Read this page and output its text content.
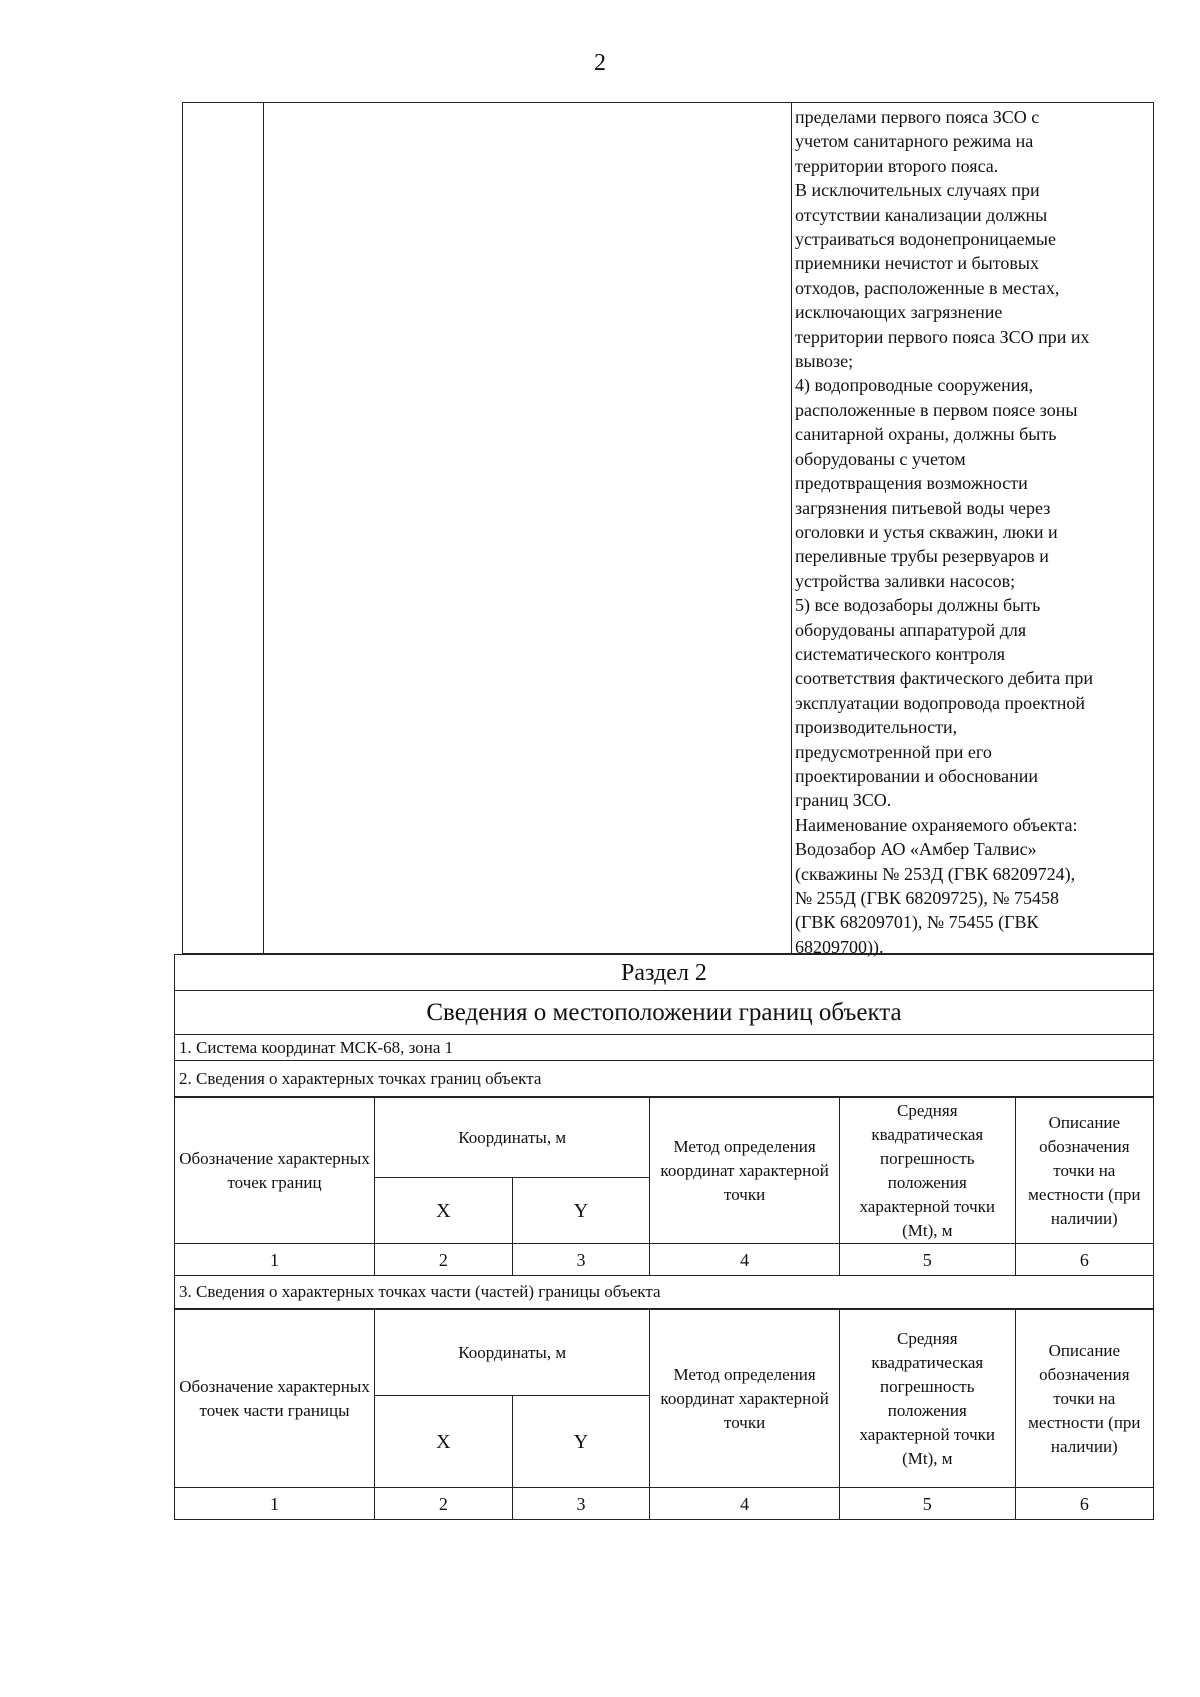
2
пределами первого пояса ЗСО с
учетом санитарного режима на
территории второго пояса.
В исключительных случаях при
отсутствии канализации должны
устраиваться водонепроницаемые
приемники нечистот и бытовых
отходов, расположенные в местах,
исключающих загрязнение
территории первого пояса ЗСО при их
вывозе;
4) водопроводные сооружения,
расположенные в первом поясе зоны
санитарной охраны, должны быть
оборудованы с учетом
предотвращения возможности
загрязнения питьевой воды через
оголовки и устья скважин, люки и
переливные трубы резервуаров и
устройства заливки насосов;
5) все водозаборы должны быть
оборудованы аппаратурой для
систематического контроля
соответствия фактического дебита при
эксплуатации водопровода проектной
производительности,
предусмотренной при его
проектировании и обосновании
границ ЗСО.
Наименование охраняемого объекта:
Водозабор АО «Амбер Талвис»
(скважины № 253Д (ГВК 68209724),
№ 255Д (ГВК 68209725), № 75458
(ГВК 68209701), № 75455 (ГВК
68209700)).
Раздел 2
Сведения о местоположении границ объекта
1. Система координат МСК-68, зона 1
2. Сведения о характерных точках границ объекта
Обозначение характерных точек границ	Координаты, м		Метод определения координат характерной точки	Средняя квадратическая погрешность положения характерной точки (Mt), м	Описание обозначения точки на местности (при наличии)
	X	Y			
1	2	3	4	5	6
3. Сведения о характерных точках части (частей) границы объекта
Обозначение характерных точек части границы	Координаты, м		Метод определения координат характерной точки	Средняя квадратическая погрешность положения характерной точки (Mt), м	Описание обозначения точки на местности (при наличии)
	X	Y			
1	2	3	4	5	6
